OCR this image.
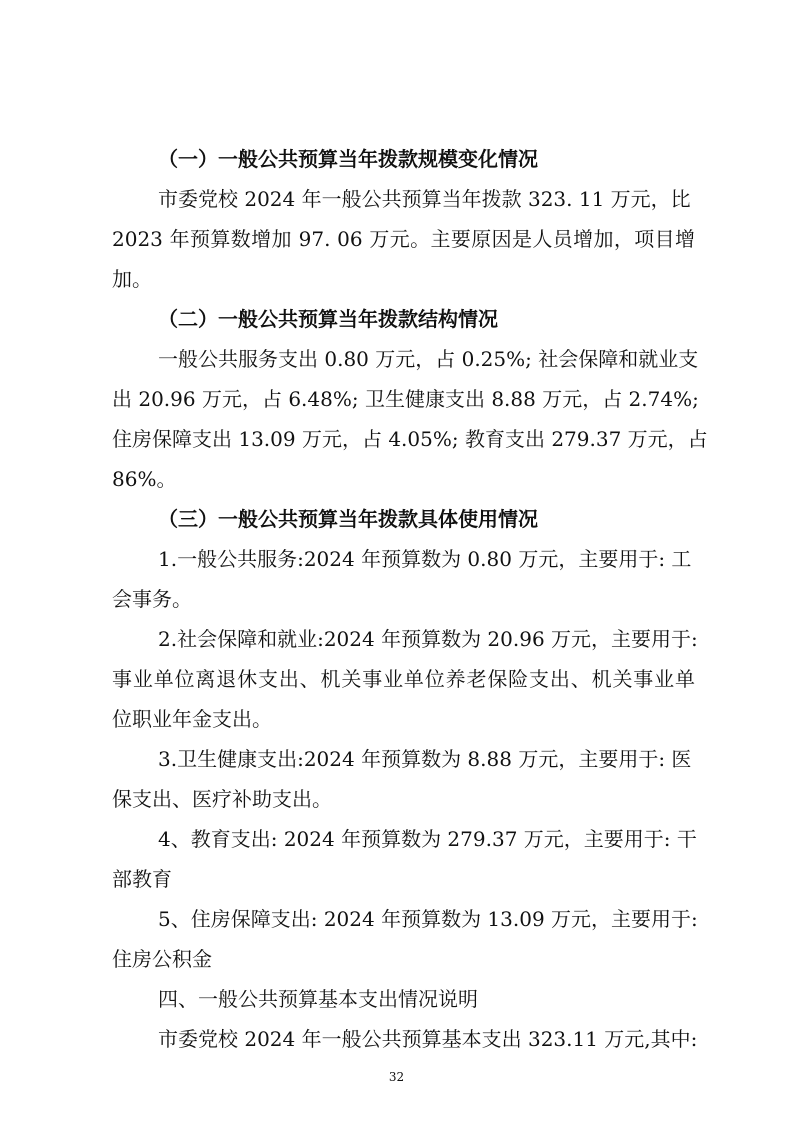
（一）一般公共预算当年拨款规模变化情况
市委党校 2024 年一般公共预算当年拨款 323. 11 万元，比
2023 年预算数增加 97. 06 万元。主要原因是人员增加，项目增
加。
（二）一般公共预算当年拨款结构情况
一般公共服务支出 0.80 万元，占 0.25%; 社会保障和就业支
出 20.96 万元，占 6.48%; 卫生健康支出 8.88 万元，占 2.74%;
住房保障支出 13.09 万元，占 4.05%; 教育支出 279.37 万元，占
86%。
（三）一般公共预算当年拨款具体使用情况
1.一般公共服务:2024 年预算数为 0.80 万元，主要用于: 工
会事务。
2.社会保障和就业:2024 年预算数为 20.96 万元，主要用于:
事业单位离退休支出、机关事业单位养老保险支出、机关事业单
位职业年金支出。
3.卫生健康支出:2024 年预算数为 8.88 万元，主要用于: 医
保支出、医疗补助支出。
4、教育支出: 2024 年预算数为 279.37 万元，主要用于: 干
部教育
5、住房保障支出: 2024 年预算数为 13.09 万元，主要用于:
住房公积金
四、一般公共预算基本支出情况说明
市委党校 2024 年一般公共预算基本支出 323.11 万元,其中:
32
